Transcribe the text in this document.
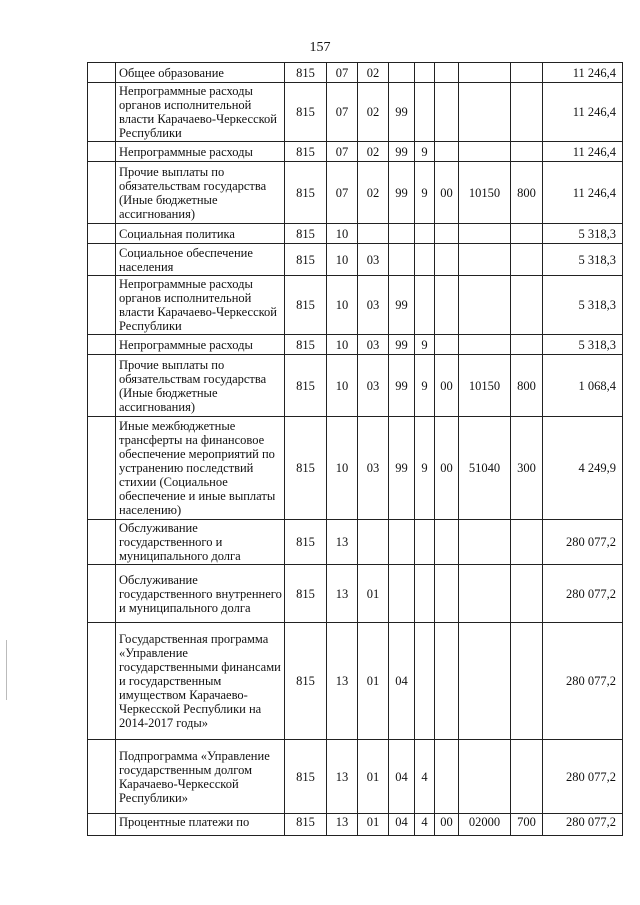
157
	Общее образование	815	07	02						11 246,4
	Непрограммные расходы органов исполнительной власти Карачаево-Черкесской Республики	815	07	02	99					11 246,4
	Непрограммные расходы	815	07	02	99	9				11 246,4
	Прочие выплаты по обязательствам государства (Иные бюджетные ассигнования)	815	07	02	99	9	00	10150	800	11 246,4
	Социальная политика	815	10							5 318,3
	Социальное обеспечение населения	815	10	03						5 318,3
	Непрограммные расходы органов исполнительной власти Карачаево-Черкесской Республики	815	10	03	99					5 318,3
	Непрограммные расходы	815	10	03	99	9				5 318,3
	Прочие выплаты по обязательствам государства (Иные бюджетные ассигнования)	815	10	03	99	9	00	10150	800	1 068,4
	Иные межбюджетные трансферты на финансовое обеспечение мероприятий по устранению последствий стихии (Социальное обеспечение и иные выплаты населению)	815	10	03	99	9	00	51040	300	4 249,9
	Обслуживание государственного и муниципального долга	815	13							280 077,2
	Обслуживание государственного внутреннего и муниципального долга	815	13	01						280 077,2
	Государственная программа «Управление государственными финансами и государственным имуществом Карачаево-Черкесской Республики на 2014-2017 годы»	815	13	01	04					280 077,2
	Подпрограмма «Управление государственным долгом Карачаево-Черкесской Республики»	815	13	01	04	4				280 077,2
	Процентные платежи по	815	13	01	04	4	00	02000	700	280 077,2
